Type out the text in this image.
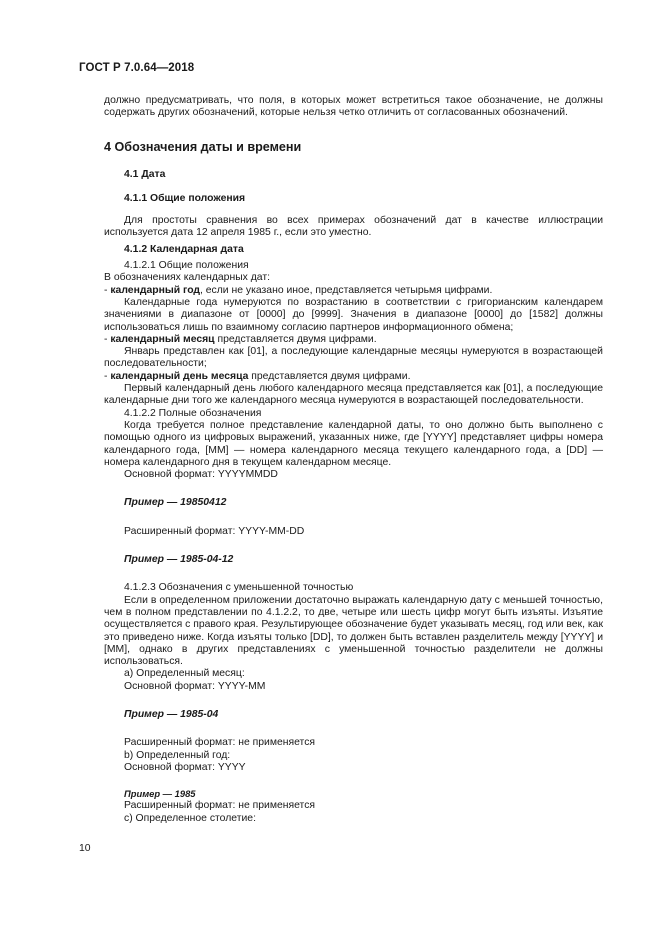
ГОСТ Р 7.0.64—2018

должно предусматривать, что поля, в которых может встретиться такое обозначение, не должны содержать других обозначений, которые нельзя четко отличить от согласованных обозначений.

4 Обозначения даты и времени
4.1 Дата
4.1.1 Общие положения

Для простоты сравнения во всех примерах обозначений дат в качестве иллюстрации используется дата 12 апреля 1985 г., если это уместно.

4.1.2 Календарная дата

4.1.2.1 Общие положения

В обозначениях календарных дат:

- календарный год, если не указано иное, представляется четырьмя цифрами.

Календарные года нумеруются по возрастанию в соответствии с григорианским календарем значениями в диапазоне от [0000] до [9999]. Значения в диапазоне [0000] до [1582] должны использоваться лишь по взаимному согласию партнеров информационного обмена;

- календарный месяц представляется двумя цифрами.

Январь представлен как [01], а последующие календарные месяцы нумеруются в возрастающей последовательности;

- календарный день месяца представляется двумя цифрами.

Первый календарный день любого календарного месяца представляется как [01], а последующие календарные дни того же календарного месяца нумеруются в возрастающей последовательности.

4.1.2.2 Полные обозначения

Когда требуется полное представление календарной даты, то оно должно быть выполнено с помощью одного из цифровых выражений, указанных ниже, где [YYYY] представляет цифры номера календарного года, [MM] — номера календарного месяца текущего календарного года, а [DD] — номера календарного дня в текущем календарном месяце.

Основной формат: YYYYMMDD

Пример — 19850412

Расширенный формат: YYYY-MM-DD

Пример — 1985-04-12

4.1.2.3 Обозначения с уменьшенной точностью

Если в определенном приложении достаточно выражать календарную дату с меньшей точностью, чем в полном представлении по 4.1.2.2, то две, четыре или шесть цифр могут быть изъяты. Изъятие осуществляется с правого края. Результирующее обозначение будет указывать месяц, год или век, как это приведено ниже. Когда изъяты только [DD], то должен быть вставлен разделитель между [YYYY] и [MM], однако в других представлениях с уменьшенной точностью разделители не должны использоваться.

a) Определенный месяц:

Основной формат: YYYY-MM

Пример — 1985-04

Расширенный формат: не применяется

b) Определенный год:

Основной формат: YYYY

Пример — 1985

Расширенный формат: не применяется

c) Определенное столетие:

10
